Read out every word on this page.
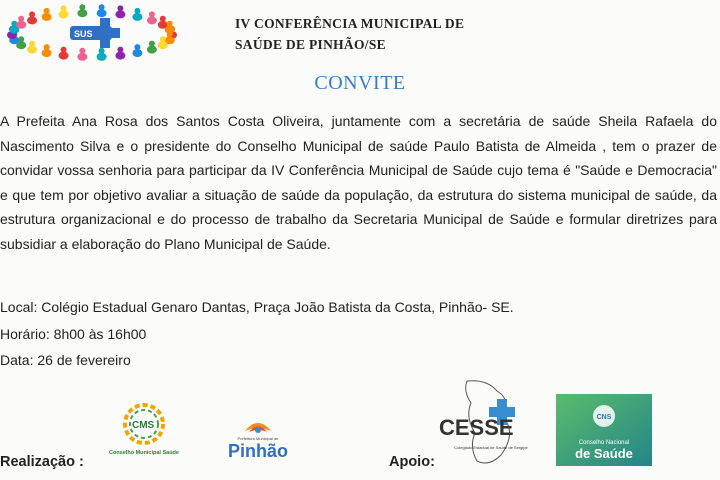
SUS
IV CONFERÊNCIA MUNICIPAL DE
SAÚDE DE PINHÃO/SE
CONVITE
A Prefeita Ana Rosa dos Santos Costa Oliveira, juntamente com a secretária de saúde Sheila Rafaela do Nascimento Silva e o presidente do Conselho Municipal de saúde Paulo Batista de Almeida , tem o prazer de convidar vossa senhoria para participar da IV Conferência Municipal de Saúde cujo tema é "Saúde e Democracia" e que tem por objetivo avaliar a situação de saúde da população, da estrutura do sistema municipal de saúde, da estrutura organizacional e do processo de trabalho da Secretaria Municipal de Saúde e formular diretrizes para subsidiar a elaboração do Plano Municipal de Saúde.
Local: Colégio Estadual Genaro Dantas, Praça João Batista da Costa, Pinhão- SE.
Horário: 8h00 às 16h00
Data: 26 de fevereiro
Realização :	Apoio:
CMS
Conselho Municipal Saúde
Prefeitura Municipal de
Pinhão
CESSE
Colegiado Estadual de Saúde de Sergipe
CNS
Conselho Nacional
de Saúde
